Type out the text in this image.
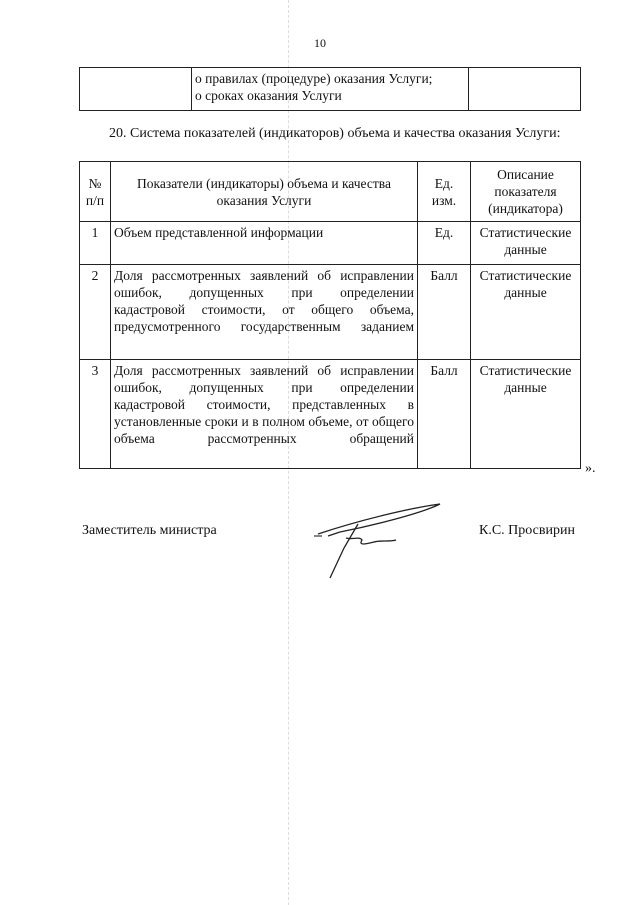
10

о правилах (процедуре) оказания Услуги;
о сроках оказания Услуги

20. Система показателей (индикаторов) объема и качества оказания Услуги:
№ п/п	Показатели (индикаторы) объема и качества оказания Услуги	Ед. изм.	Описание показателя (индикатора)
1	Объем представленной информации	Ед.	Статистические данные
2	Доля рассмотренных заявлений об исправлении ошибок, допущенных при определении кадастровой стоимости, от общего объема, предусмотренного государственным заданием	Балл	Статистические данные
3	Доля рассмотренных заявлений об исправлении ошибок, допущенных при определении кадастровой стоимости, представленных в установленные сроки и в полном объеме, от общего объема рассмотренных обращений	Балл	Статистические данные
».
Заместитель министра	К.С. Просвирин
